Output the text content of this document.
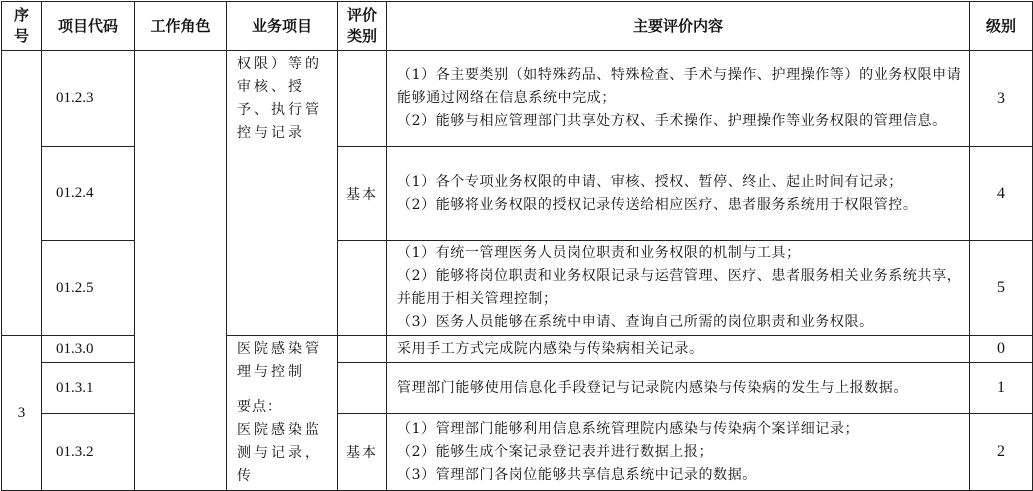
序号	项目代码	工作角色	业务项目	评价类别	主要评价内容	级别
	01.2.3		权限）等的审核、授予、执行管控与记录		（1）各主要类别（如特殊药品、特殊检查、手术与操作、护理操作等）的业务权限申请能够通过网络在信息系统中完成；

（2）能够与相应管理部门共享处方权、手术操作、护理操作等业务权限的管理信息。	3
	01.2.4			基本	（1）各个专项业务权限的申请、审核、授权、暂停、终止、起止时间有记录；

（2）能够将业务权限的授权记录传送给相应医疗、患者服务系统用于权限管控。	4
	01.2.5				（1）有统一管理医务人员岗位职责和业务权限的机制与工具；

（2）能够将岗位职责和业务权限记录与运营管理、医疗、患者服务相关业务系统共享，并能用于相关管理控制；

（3）医务人员能够在系统中申请、查询自己所需的岗位职责和业务权限。	5
3	01.3.0		医院感染管理与控制

要点：

医院感染监测与记录，传		采用手工方式完成院内感染与传染病相关记录。	0
	01.3.1				管理部门能够使用信息化手段登记与记录院内感染与传染病的发生与上报数据。	1
	01.3.2			基本	（1）管理部门能够利用信息系统管理院内感染与传染病个案详细记录；

（2）能够生成个案记录登记表并进行数据上报；

（3）管理部门各岗位能够共享信息系统中记录的数据。	2
